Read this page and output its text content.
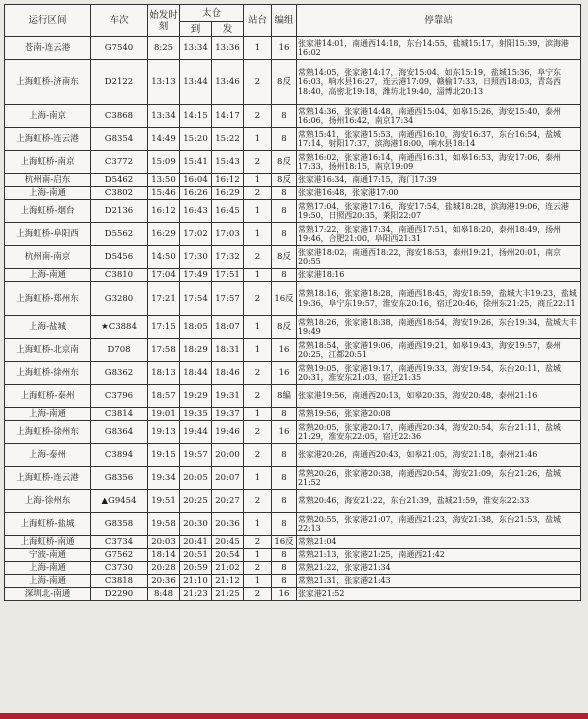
运行区间	车次	始发时刻	太仓		站台	编组	停靠站
			到	发			
苍南-连云港	G7540	8:25	13:34	13:36	1	16	张家港14:01，南通西14:18，东台14:55，盐城15:17，射阳15:39，滨海港16:02
上海虹桥-济南东	D2122	13:13	13:44	13:46	2	8反	常熟14:05，张家港14:17，海安15:04，如东15:19，盐城15:36，阜宁东16:03，响水县16:27，连云港17:09，赣榆17:33，日照西18:03，青岛西18:40，高密北19:18，潍坊北19:40，淄博北20:13
上海-南京	C3868	13:34	14:15	14:17	2	8	常熟14:36，张家港14:48，南通西15:04，如皋15:26，海安15:40，泰州16:06，扬州16:42，南京17:34
上海虹桥-连云港	G8354	14:49	15:20	15:22	1	8	常熟15:41，张家港15:53，南通西16:10，海安16:37，东台16:54，盐城17:14，射阳17:37，滨海港18:00，响水县18:14
上海虹桥-南京	C3772	15:09	15:41	15:43	2	8反	常熟16:02，张家港16:14，南通西16:31，如皋16:53，海安17:06，泰州17:33，扬州18:15，南京19:09
杭州南-启东	D5462	13:50	16:04	16:12	1	8反	张家港16:34，南通17:15，海门17:39
上海-南通	C3802	15:46	16:26	16:29	2	8	张家港16:48，张家港17:00
上海虹桥-烟台	D2136	16:12	16:43	16:45	1	8	常熟17:04，张家港17:16，海安17:54，盐城18:28，滨海港19:06，连云港19:50，日照西20:35，莱阳22:07
上海虹桥-阜阳西	D5562	16:29	17:02	17:03	1	8	常熟17:22，张家港17:34，南通西17:51，如皋18:20，泰州18:49，扬州19:46，合肥21:00，阜阳西21:31
杭州南-南京	D5456	14:50	17:30	17:32	2	8反	张家港18:02，南通西18:22，海安18:53，泰州19:21，扬州20:01，南京20:55
上海-南通	C3810	17:04	17:49	17:51	1	8	张家港18:16
上海虹桥-郑州东	G3280	17:21	17:54	17:57	2	16反	常熟18:16，张家港18:28，南通西18:45，海安18:59，盐城大丰19:23，盐城19:36，阜宁东19:57，淮安东20:16，宿迁20:46，徐州东21:25，商丘22:11
上海-盐城	★C3884	17:15	18:05	18:07	1	8反	常熟18:26，张家港18:38，南通西18:54，海安19:26，东台19:34，盐城大丰19:49
上海虹桥-北京南	D708	17:58	18:29	18:31	1	16	常熟18:54，张家港19:06，南通西19:21，如皋19:43，海安19:57，泰州20:25，江都20:51
上海虹桥-徐州东	G8362	18:13	18:44	18:46	2	16	常熟19:05，张家港19:17，南通西19:33，海安19:54，东台20:11，盐城20:31，淮安东21:03，宿迁21:35
上海虹桥-泰州	C3796	18:57	19:29	19:31	2	8编	张家港19:56，南通西20:13，如皋20:35，海安20:48，泰州21:16
上海-南通	C3814	19:01	19:35	19:37	1	8	常熟19:56，张家港20:08
上海虹桥-徐州东	G8364	19:13	19:44	19:46	2	16	常熟20:05，张家港20:17，南通西20:34，海安20:54，东台21:11，盐城21:29，淮安东22:05，宿迁22:36
上海-泰州	C3894	19:15	19:57	20:00	2	8	张家港20:26，南通西20:43，如皋21:05，海安21:18，泰州21:46
上海虹桥-连云港	G8356	19:34	20:05	20:07	1	8	常熟20:26，张家港20:38，南通西20:54，海安21:09，东台21:26，盐城21:52
上海-徐州东	▲G9454	19:51	20:25	20:27	2	8	常熟20:46，海安21:22，东台21:39，盐城21:59，淮安东22:33
上海虹桥-盐城	G8358	19:58	20:30	20:36	1	8	常熟20:55，张家港21:07，南通西21:23，海安21:38，东台21:53，盐城22:13
上海虹桥-南通	C3734	20:03	20:41	20:45	2	16反	常熟21:04
宁波-南通	G7562	18:14	20:51	20:54	1	8	常熟21:13，张家港21:25，南通西21:42
上海-南通	C3730	20:28	20:59	21:02	2	8	常熟21:22，张家港21:34
上海-南通	C3818	20:36	21:10	21:12	1	8	常熟21:31，张家港21:43
深圳北-南通	D2290	8:48	21:23	21:25	2	16	张家港21:52
